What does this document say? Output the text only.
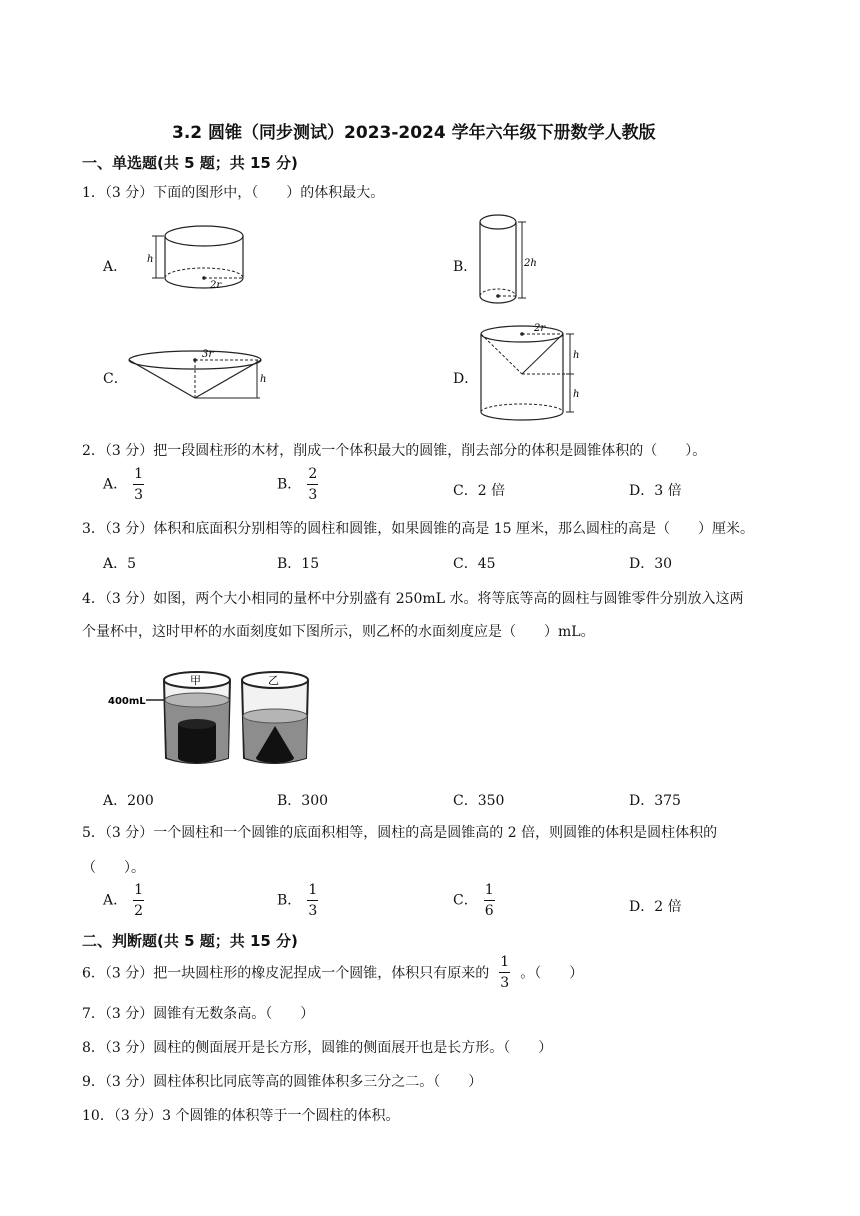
3.2 圆锥（同步测试）2023-2024 学年六年级下册数学人教版
一、单选题(共 5 题；共 15 分)
1．（3 分）下面的图形中，（　　）的体积最大。
A． h
2r
B．	2h
C．
3r
h	D．
2r
h
h
2．（3 分）把一段圆柱形的木材，削成一个体积最大的圆锥，削去部分的体积是圆锥体积的（　　）。
A． $\frac{1}{3}$	B． $\frac{2}{3}$	C．2 倍	D．3 倍
3．（3 分）体积和底面积分别相等的圆柱和圆锥，如果圆锥的高是 15 厘米，那么圆柱的高是（　　）厘米。
A．5	B．15	C．45	D．30
4．（3 分）如图，两个大小相同的量杯中分别盛有 250mL 水。将等底等高的圆柱与圆锥零件分别放入这两
个量杯中，这时甲杯的水面刻度如下图所示，则乙杯的水面刻度应是（　　）mL。
400mL
甲	乙
A．200	B．300	C．350	D．375
5．（3 分）一个圆柱和一个圆锥的底面积相等，圆柱的高是圆锥高的 2 倍，则圆锥的体积是圆柱体积的
（　　）。
A． $\frac{1}{2}$	B． $\frac{1}{3}$	C． $\frac{1}{6}$	D．2 倍
二、判断题(共 5 题；共 15 分)
6．（3 分）把一块圆柱形的橡皮泥捏成一个圆锥，体积只有原来的 $\frac{1}{3}$ 。（　　）
7．（3 分）圆锥有无数条高。（　　）
8．（3 分）圆柱的侧面展开是长方形，圆锥的侧面展开也是长方形。（　　）
9．（3 分）圆柱体积比同底等高的圆锥体积多三分之二。（　　）
10．（3 分）3 个圆锥的体积等于一个圆柱的体积。
